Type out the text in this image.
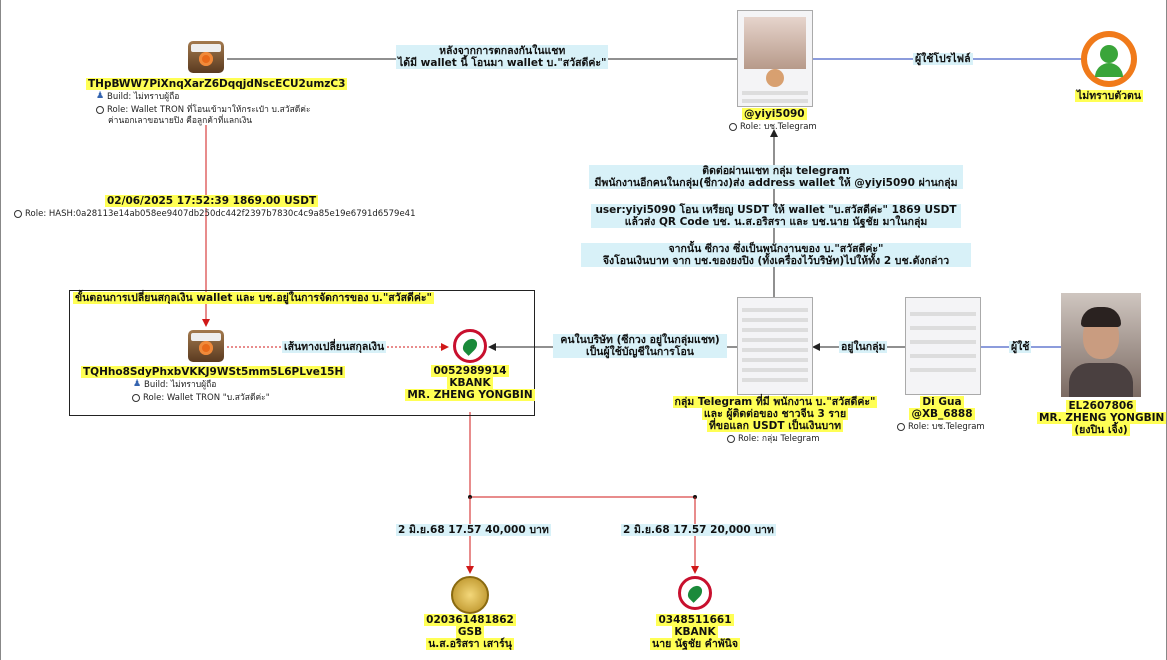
ขั้นตอนการเปลี่ยนสกุลเงิน wallet และ บช.อยู่ในการจัดการของ บ."สวัสดีค่ะ"
THpBWW7PiXnqXarZ6DqqjdNscECU2umzC3
♟ Build: ไม่ทราบผู้ถือ
Role: Wallet TRON ที่โอนเข้ามาให้กระเป๋า บ.สวัสดีค่ะ
ค่านอกเลาขอนายปิง คือลูกค้าที่แลกเงิน
หลังจากการตกลงกันในแชท
ได้มี wallet นี้ โอนมา wallet บ."สวัสดีค่ะ"
@yiyi5090
Role: บช.Telegram
ผู้ใช้โปรไฟล์
ไม่ทราบตัวตน
02/06/2025 17:52:39 1869.00 USDT
Role: HASH:0a28113e14ab058ee9407db250dc442f2397b7830c4c9a85e19e6791d6579e41
ติดต่อผ่านแชท กลุ่ม telegram
มีพนักงานอีกคนในกลุ่ม(ชีกวง)ส่ง address wallet ให้ @yiyi5090 ผ่านกลุ่ม
user:yiyi5090 โอน เหรียญ USDT ให้ wallet "บ.สวัสดีค่ะ" 1869 USDT
แล้วส่ง QR Code บช. น.ส.อริสรา และ บช.นาย นัฐชัย มาในกลุ่ม
จากนั้น ซีกวง ซึ่งเป็นพนักงานของ บ."สวัสดีค่ะ"
จึงโอนเงินบาท จาก บช.ของยงปิง (ทั้งเครื่องไว้บริษัท)ไปให้ทั้ง 2 บช.ดังกล่าว
เส้นทางเปลี่ยนสกุลเงิน
TQHho8SdyPhxbVKKJ9WSt5mm5L6PLve15H
♟ Build: ไม่ทราบผู้ถือ
Role: Wallet TRON "บ.สวัสดีค่ะ"
0052989914
KBANK
MR. ZHENG YONGBIN
คนในบริษัท (ซีกวง อยู่ในกลุ่มแชท)
เป็นผู้ใช้บัญชีในการโอน
กลุ่ม Telegram ที่มี พนักงาน บ."สวัสดีค่ะ"
และ ผู้ติดต่อของ ชาวจีน 3 ราย
ที่ขอแลก USDT เป็นเงินบาท
Role: กลุ่ม Telegram
อยู่ในกลุ่ม
Di Gua
@XB_6888
Role: บช.Telegram
ผู้ใช้
EL2607806
MR. ZHENG YONGBIN
(ยงปิน เจิ้ง)
2 มิ.ย.68 17.57 40,000 บาท	2 มิ.ย.68 17.57 20,000 บาท
020361481862
GSB
น.ส.อริสรา เสาร์นุ
0348511661
KBANK
นาย นัฐชัย คำพันิจ
